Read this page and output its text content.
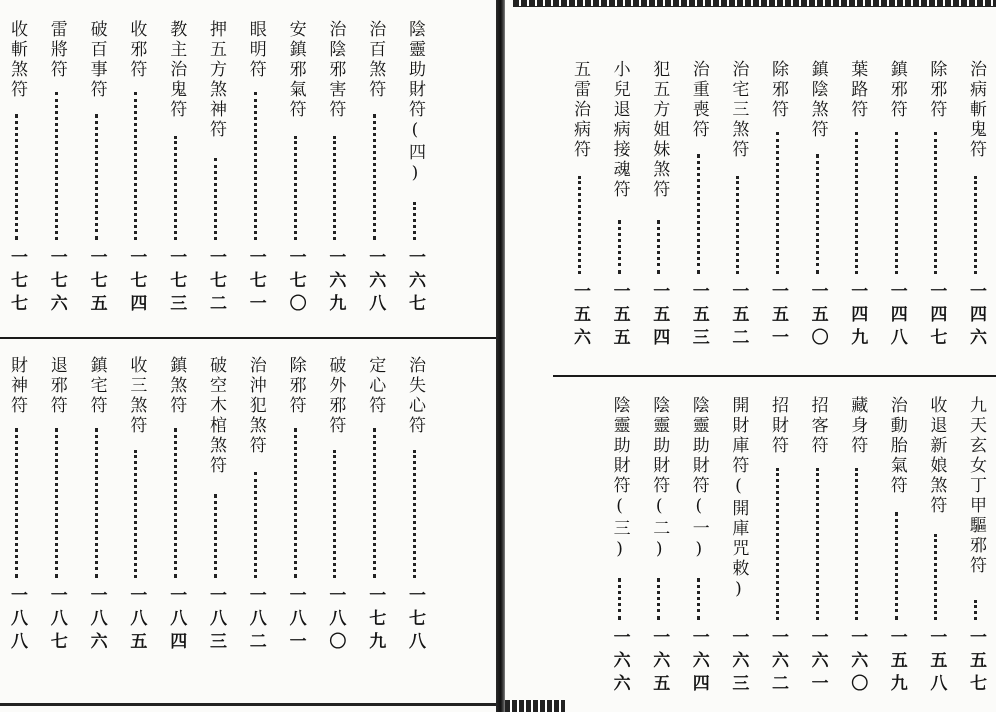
陰靈助財符(四)
一六七
治百煞符
一六八
治陰邪害符
一六九
安鎮邪氣符
一七〇
眼明符
一七一
押五方煞神符
一七二
教主治鬼符
一七三
收邪符
一七四
破百事符
一七五
雷將符
一七六
收斬煞符
一七七
治失心符
一七八
定心符
一七九
破外邪符
一八〇
除邪符
一八一
治沖犯煞符
一八二
破空木棺煞符
一八三
鎮煞符
一八四
收三煞符
一八五
鎮宅符
一八六
退邪符
一八七
財神符
一八八
治病斬鬼符
一四六
除邪符
一四七
鎮邪符
一四八
葉路符
一四九
鎮陰煞符
一五〇
除邪符
一五一
治宅三煞符
一五二
治重喪符
一五三
犯五方姐妹煞符
一五四
小兒退病接魂符
一五五
五雷治病符
一五六
九天玄女丁甲驅邪符
一五七
收退新娘煞符
一五八
治動胎氣符
一五九
藏身符
一六〇
招客符
一六一
招財符
一六二
開財庫符(開庫咒敕)
一六三
陰靈助財符(一)
一六四
陰靈助財符(二)
一六五
陰靈助財符(三)
一六六
